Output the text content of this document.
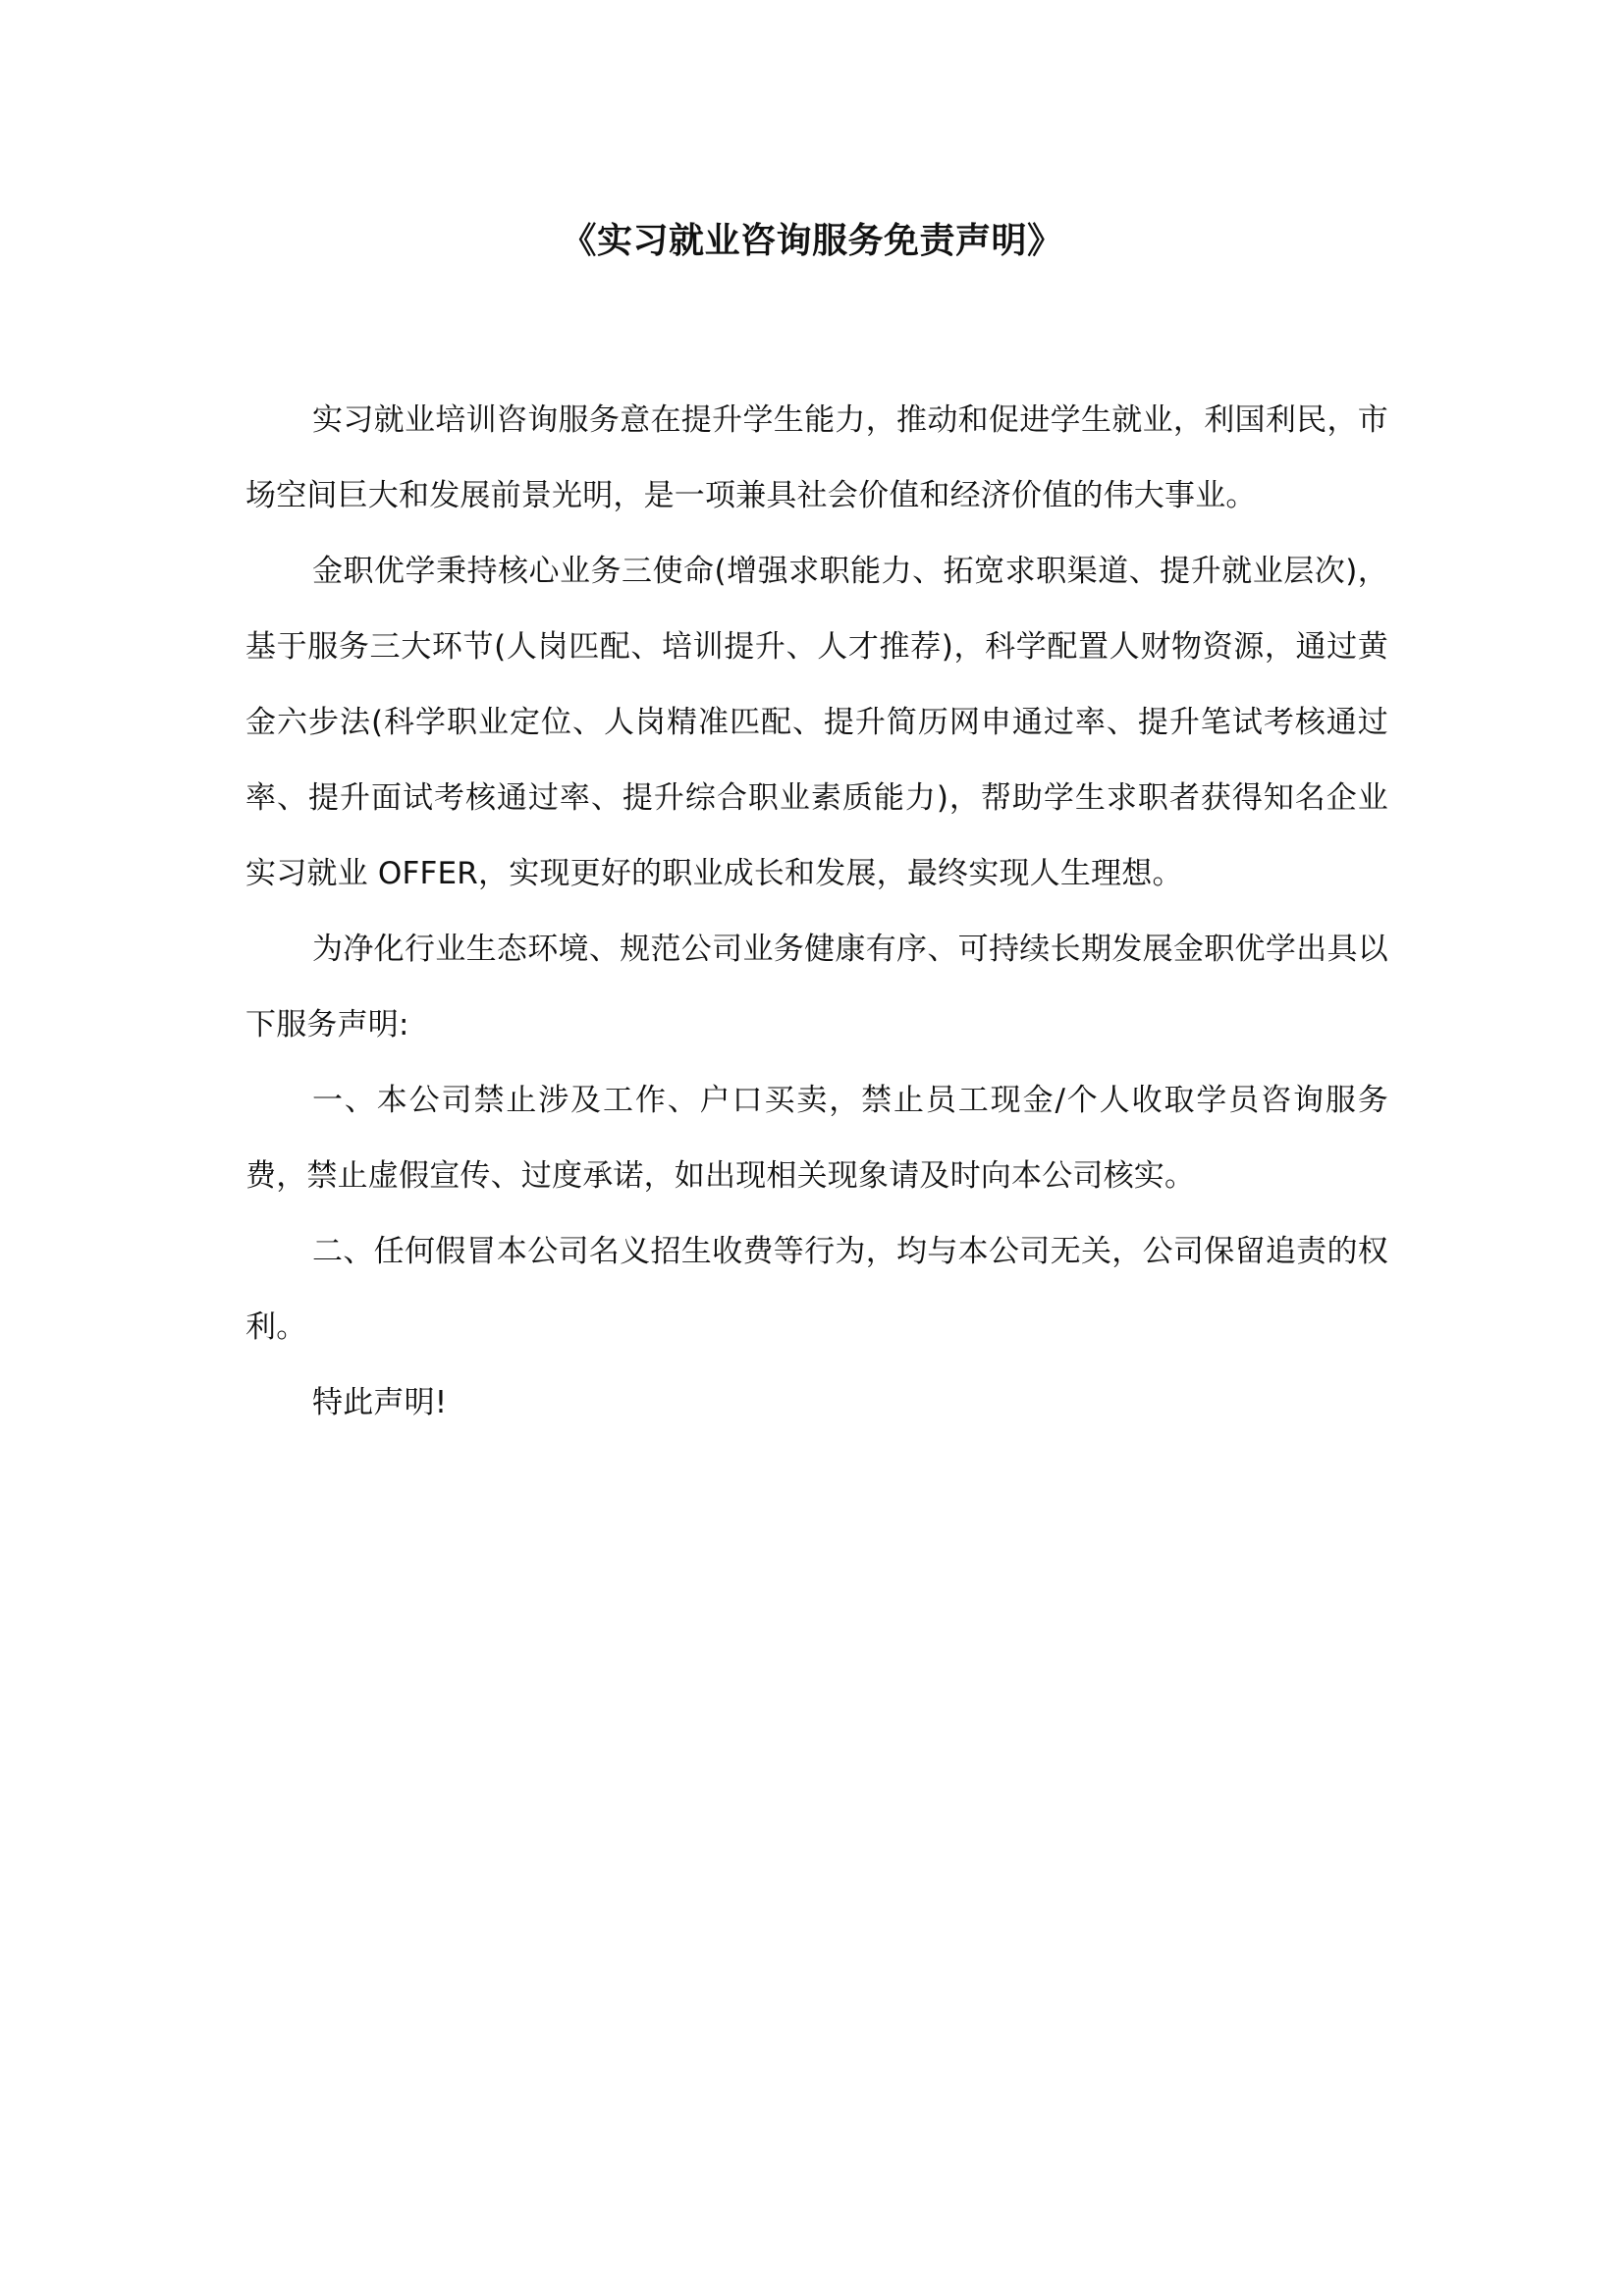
《实习就业咨询服务免责声明》

实习就业培训咨询服务意在提升学生能力，推动和促进学生就业，利国利民，市场空间巨大和发展前景光明，是一项兼具社会价值和经济价值的伟大事业。

金职优学秉持核心业务三使命(增强求职能力、拓宽求职渠道、提升就业层次)，基于服务三大环节(人岗匹配、培训提升、人才推荐)，科学配置人财物资源，通过黄金六步法(科学职业定位、人岗精准匹配、提升简历网申通过率、提升笔试考核通过率、提升面试考核通过率、提升综合职业素质能力)，帮助学生求职者获得知名企业实习就业 OFFER，实现更好的职业成长和发展，最终实现人生理想。

为净化行业生态环境、规范公司业务健康有序、可持续长期发展金职优学出具以下服务声明:

一、本公司禁止涉及工作、户口买卖，禁止员工现金/个人收取学员咨询服务费，禁止虚假宣传、过度承诺，如出现相关现象请及时向本公司核实。

二、任何假冒本公司名义招生收费等行为，均与本公司无关，公司保留追责的权利。

特此声明!
